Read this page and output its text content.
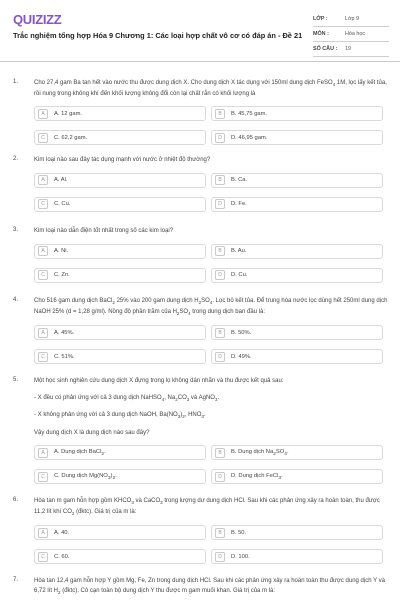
QUIZIZZ
Trắc nghiệm tổng hợp Hóa 9 Chương 1: Các loại hợp chất vô cơ có đáp án - Đề 21
LỚP :	Lớp 9
MÔN :	Hóa học
SỐ CÂU :	19
1.	Cho 27,4 gam Ba tan hết vào nước thu được dung dịch X. Cho dung dịch X tác dụng với 150ml dung dịch FeSO$_4$ 1M, lọc lấy kết tủa, rồi nung trong không khí đến khối lượng không đổi còn lại chất rắn có khối lượng là

A	A. 12 gam.	B	B. 45,75 gam.
C	C. 62,2 gam.	D	D. 46,95 gam.
2.	Kim loại nào sau đây tác dụng mạnh với nước ở nhiệt độ thường?

A	A. Al.	B	B. Ca.
C	C. Cu.	D	D. Fe.
3.	Kim loại nào dẫn điện tốt nhất trong số các kim loại?

A	A. Ni.	B	B. Au.
C	C. Zn.	D	D. Cu.
4.	Cho 516 gam dung dịch BaCl$_2$ 25% vào 200 gam dung dịch $H_2SO_4$. Lọc bỏ kết tủa. Để trung hòa nước lọc dùng hết 250ml dung dịch NaOH 25% (d = 1,28 g/ml). Nồng độ phần trăm của $H_2SO_4$ trong dung dịch ban đầu là:

A	A. 45%.	B	B. 50%.
C	C. 51%.	D	D. 49%.
5.	Một học sinh nghiên cứu dung dịch X đựng trong lọ không dán nhãn và thu được kết quả sau:

- X đều có phản ứng với cả 3 dung dịch NaHSO$_4$, $Na_2CO_3$ và AgNO$_3$.

- X không phản ứng với cả 3 dung dịch NaOH, $Ba(NO_3)_2$, $HNO_3$.

Vậy dung dịch X là dung dịch nào sau đây?

A	A. Dung dịch BaCl$_2$.	B	B. Dung dịch $Na_2SO_4$.
C	C. Dung dịch $Mg(NO_3)_2$.	D	D. Dung dịch FeCl$_3$.
6.	Hòa tan m gam hỗn hợp gồm $KHCO_3$ và CaCO$_3$ trong lượng dư dung dịch HCl. Sau khi các phản ứng xảy ra hoàn toàn, thu được 11,2 lít khí $CO_2$ (đktc). Giá trị của m là:

A	A. 40.	B	B. 50.
C	C. 60.	D	D. 100.
7.	Hòa tan 12,4 gam hỗn hợp Y gồm Mg, Fe, Zn trong dung dịch HCl. Sau khi các phản ứng xảy ra hoàn toàn thu được dung dịch Y và 6,72 lít $H_2$ (đktc). Cô cạn toàn bộ dung dịch Y thu được m gam muối khan. Giá trị của m là:
